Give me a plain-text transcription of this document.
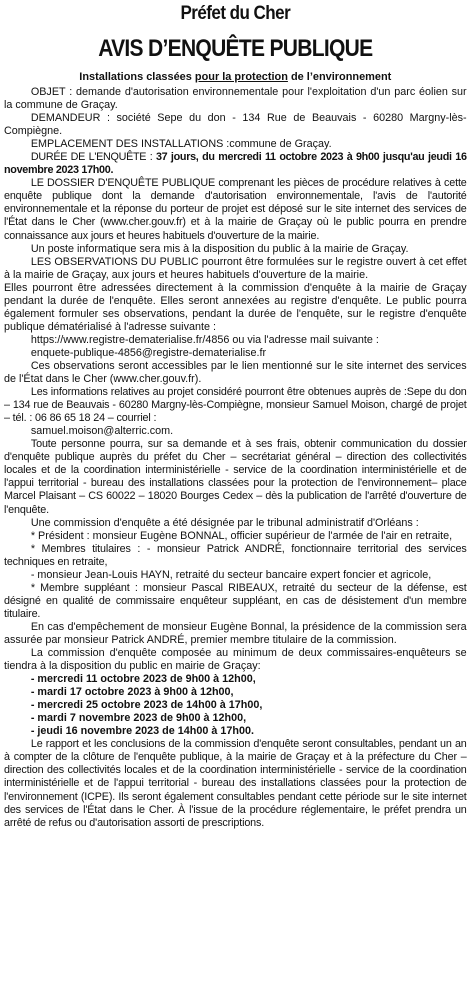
Préfet du Cher
AVIS D’ENQUÊTE PUBLIQUE
Installations classées pour la protection de l’environnement

OBJET : demande d'autorisation environnementale pour l'exploitation d'un parc éolien sur la commune de Graçay.

DEMANDEUR : société Sepe du don - 134 Rue de Beauvais - 60280 Margny-lès-Compiègne.

EMPLACEMENT DES INSTALLATIONS :commune de Graçay.

DURÉE DE L'ENQUÊTE : 37 jours, du mercredi 11 octobre 2023 à 9h00 jusqu'au jeudi 16 novembre 2023 17h00.

LE DOSSIER D'ENQUÊTE PUBLIQUE comprenant les pièces de procédure relatives à cette enquête publique dont la demande d'autorisation environnementale, l'avis de l'autorité environnementale et la réponse du porteur de projet est déposé sur le site internet des services de l'État dans le Cher (www.cher.gouv.fr) et à la mairie de Graçay où le public pourra en prendre connaissance aux jours et heures habituels d'ouverture de la mairie.

Un poste informatique sera mis à la disposition du public à la mairie de Graçay.

LES OBSERVATIONS DU PUBLIC pourront être formulées sur le registre ouvert à cet effet à la mairie de Graçay, aux jours et heures habituels d'ouverture de la mairie.

Elles pourront être adressées directement à la commission d'enquête à la mairie de Graçay pendant la durée de l'enquête. Elles seront annexées au registre d'enquête. Le public pourra également formuler ses observations, pendant la durée de l'enquête, sur le registre d'enquête publique dématérialisé à l'adresse suivante :

https://www.registre-dematerialise.fr/4856 ou via l'adresse mail suivante :

enquete-publique-4856@registre-dematerialise.fr

Ces observations seront accessibles par le lien mentionné sur le site internet des services de l'État dans le Cher (www.cher.gouv.fr).

Les informations relatives au projet considéré pourront être obtenues auprès de :Sepe du don – 134 rue de Beauvais - 60280 Margny-lès-Compiègne, monsieur Samuel Moison, chargé de projet – tél. : 06 86 65 18 24 – courriel :

samuel.moison@alterric.com.

Toute personne pourra, sur sa demande et à ses frais, obtenir communication du dossier d'enquête publique auprès du préfet du Cher – secrétariat général – direction des collectivités locales et de la coordination interministérielle - service de la coordination interministérielle et de l'appui territorial - bureau des installations classées pour la protection de l'environnement– place Marcel Plaisant – CS 60022 – 18020 Bourges Cedex – dès la publication de l'arrêté d'ouverture de l'enquête.

Une commission d'enquête a été désignée par le tribunal administratif d'Orléans :

* Président : monsieur Eugène BONNAL, officier supérieur de l'armée de l'air en retraite,

* Membres titulaires : - monsieur Patrick ANDRÉ, fonctionnaire territorial des services techniques en retraite,

- monsieur Jean-Louis HAYN, retraité du secteur bancaire expert foncier et agricole,

* Membre suppléant : monsieur Pascal RIBEAUX, retraité du secteur de la défense, est désigné en qualité de commissaire enquêteur suppléant, en cas de désistement d'un membre titulaire.

En cas d'empêchement de monsieur Eugène Bonnal, la présidence de la commission sera assurée par monsieur Patrick ANDRÉ, premier membre titulaire de la commission.

La commission d'enquête composée au minimum de deux commissaires-enquêteurs se tiendra à la disposition du public en mairie de Graçay:

- mercredi 11 octobre 2023 de 9h00 à 12h00,

- mardi 17 octobre 2023 à 9h00 à 12h00,

- mercredi 25 octobre 2023 de 14h00 à 17h00,

- mardi 7 novembre 2023 de 9h00 à 12h00,

- jeudi 16 novembre 2023 de 14h00 à 17h00.

Le rapport et les conclusions de la commission d'enquête seront consultables, pendant un an à compter de la clôture de l'enquête publique, à la mairie de Graçay et à la préfecture du Cher –direction des collectivités locales et de la coordination interministérielle - service de la coordination interministérielle et de l'appui territorial - bureau des installations classées pour la protection de l'environnement (ICPE). Ils seront également consultables pendant cette période sur le site internet des services de l'État dans le Cher. À l'issue de la procédure réglementaire, le préfet prendra un arrêté de refus ou d'autorisation assorti de prescriptions.
